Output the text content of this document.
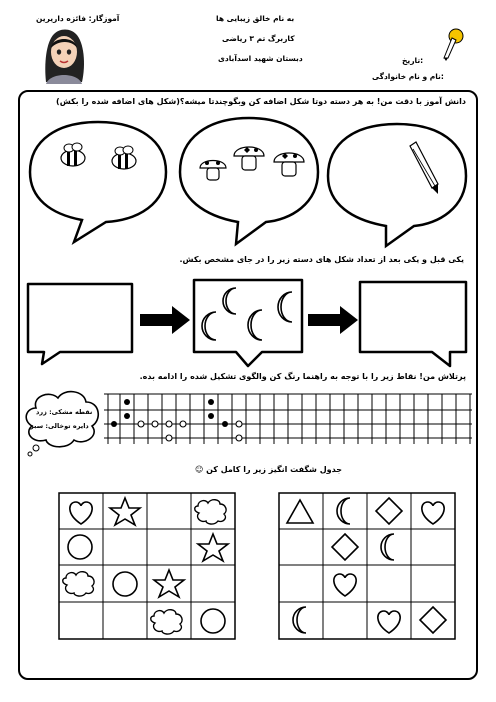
آموزگار: فائزه داریرین	به نام خالق زیبایی ها
کاربرگ تم ۳ ریاضی
دبستان شهید اسدآبادی	تاریخ:
نام و نام خانوادگی:
دانش آموز با دقت من! به هر دسته دوتا شکل اضافه کن وبگوچندتا میشه؟(شکل های اضافه شده را بکش)
یکی قبل و یکی بعد از تعداد شکل های دسته زیر را در جای مشخص بکش.
پرتلاش من! نقاط زیر را با توجه به راهنما رنگ کن والگوی تشکیل شده را ادامه بده.
نقطه مشکی: زرد
دایره توخالی: سبز
جدول شگفت انگیز زیر را کامل کن ☺
